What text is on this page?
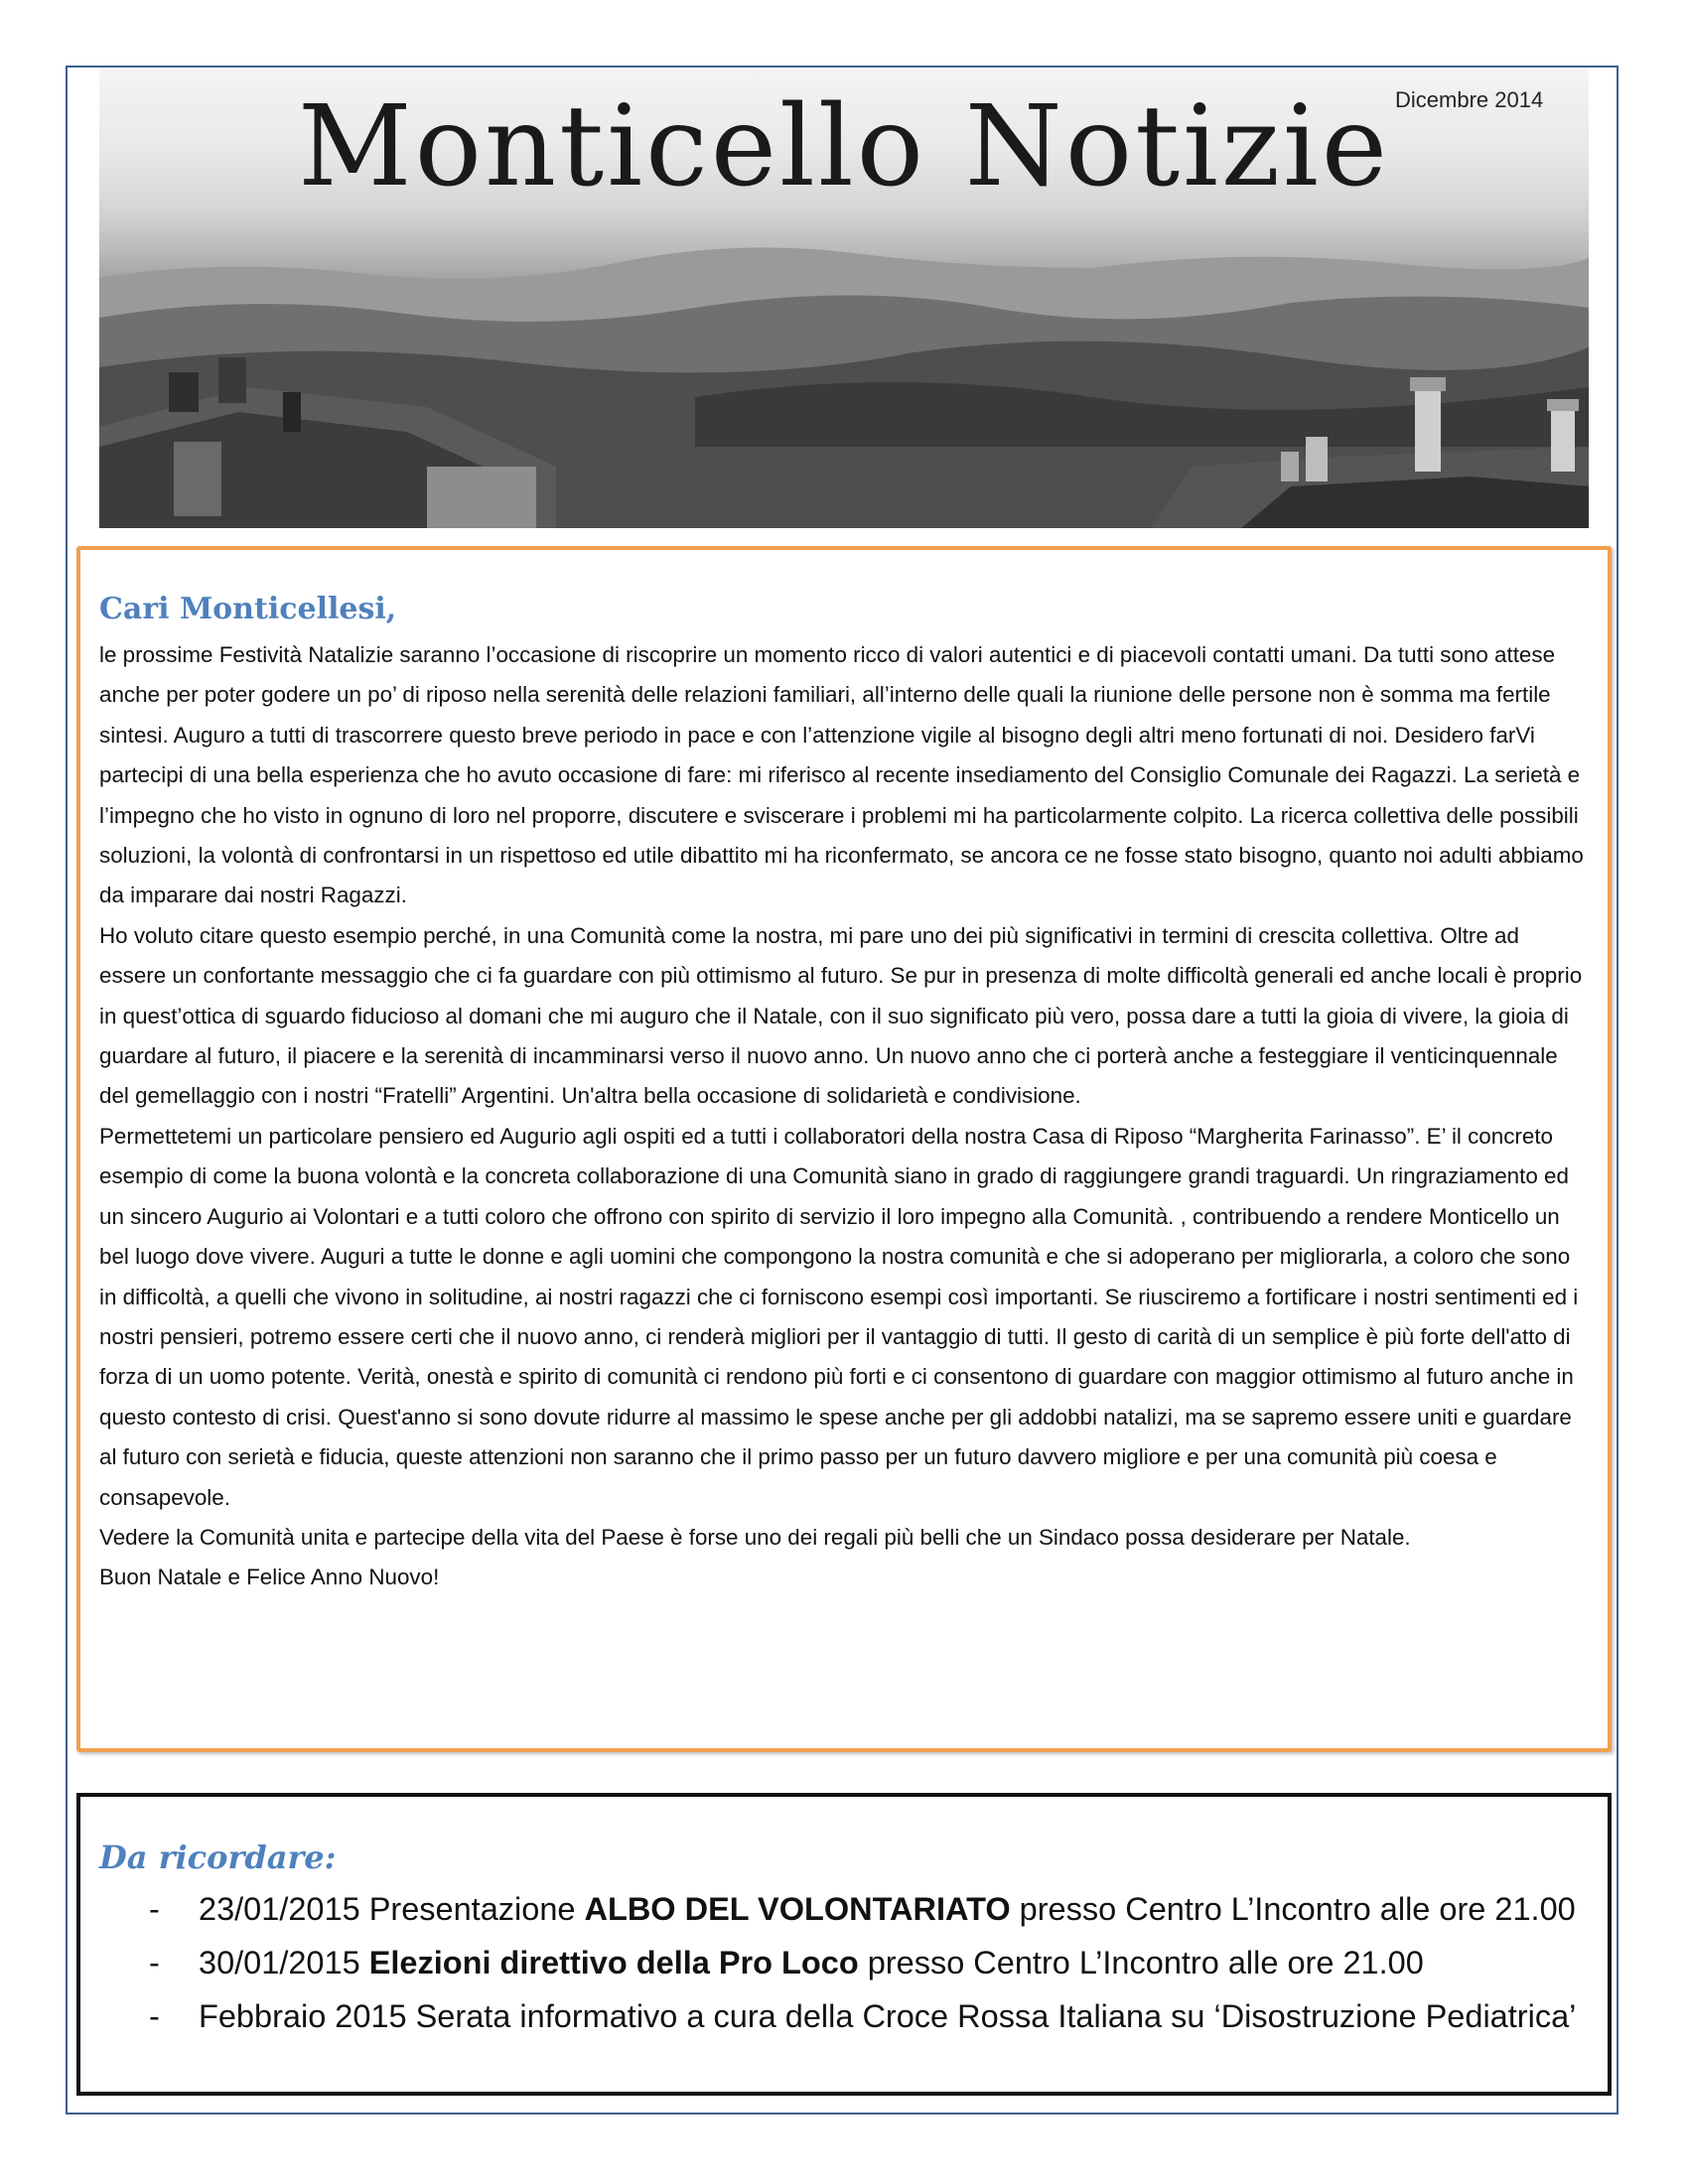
Monticello Notizie Dicembre 2014
Cari Monticellesi,

le prossime Festività Natalizie saranno l’occasione di riscoprire un momento ricco di valori autentici e di piacevoli contatti umani. Da tutti sono attese anche per poter godere un po’ di riposo nella serenità delle relazioni familiari, all’interno delle quali la riunione delle persone non è somma ma fertile sintesi. Auguro a tutti di trascorrere questo breve periodo in pace e con l’attenzione vigile al bisogno degli altri meno fortunati di noi. Desidero farVi partecipi di una bella esperienza che ho avuto occasione di fare: mi riferisco al recente insediamento del Consiglio Comunale dei Ragazzi. La serietà e l’impegno che ho visto in ognuno di loro nel proporre, discutere e sviscerare i problemi mi ha particolarmente colpito. La ricerca collettiva delle possibili soluzioni, la volontà di confrontarsi in un rispettoso ed utile dibattito mi ha riconfermato, se ancora ce ne fosse stato bisogno, quanto noi adulti abbiamo da imparare dai nostri Ragazzi.

Ho voluto citare questo esempio perché, in una Comunità come la nostra, mi pare uno dei più significativi in termini di crescita collettiva. Oltre ad essere un confortante messaggio che ci fa guardare con più ottimismo al futuro. Se pur in presenza di molte difficoltà generali ed anche locali è proprio in quest’ottica di sguardo fiducioso al domani che mi auguro che il Natale, con il suo significato più vero, possa dare a tutti la gioia di vivere, la gioia di guardare al futuro, il piacere e la serenità di incamminarsi verso il nuovo anno. Un nuovo anno che ci porterà anche a festeggiare il venticinquennale del gemellaggio con i nostri “Fratelli” Argentini. Un'altra bella occasione di solidarietà e condivisione.

Permettetemi un particolare pensiero ed Augurio agli ospiti ed a tutti i collaboratori della nostra Casa di Riposo “Margherita Farinasso”. E’ il concreto esempio di come la buona volontà e la concreta collaborazione di una Comunità siano in grado di raggiungere grandi traguardi. Un ringraziamento ed un sincero Augurio ai Volontari e a tutti coloro che offrono con spirito di servizio il loro impegno alla Comunità. , contribuendo a rendere Monticello un bel luogo dove vivere. Auguri a tutte le donne e agli uomini che compongono la nostra comunità e che si adoperano per migliorarla, a coloro che sono in difficoltà, a quelli che vivono in solitudine, ai nostri ragazzi che ci forniscono esempi così importanti. Se riusciremo a fortificare i nostri sentimenti ed i nostri pensieri, potremo essere certi che il nuovo anno, ci renderà migliori per il vantaggio di tutti. Il gesto di carità di un semplice è più forte dell'atto di forza di un uomo potente. Verità, onestà e spirito di comunità ci rendono più forti e ci consentono di guardare con maggior ottimismo al futuro anche in questo contesto di crisi. Quest'anno si sono dovute ridurre al massimo le spese anche per gli addobbi natalizi, ma se sapremo essere uniti e guardare al futuro con serietà e fiducia, queste attenzioni non saranno che il primo passo per un futuro davvero migliore e per una comunità più coesa e consapevole.

Vedere la Comunità unita e partecipe della vita del Paese è forse uno dei regali più belli che un Sindaco possa desiderare per Natale.

Buon Natale e Felice Anno Nuovo!

Da ricordare:
- 23/01/2015 Presentazione ALBO DEL VOLONTARIATO presso Centro L’Incontro alle ore 21.00
- 30/01/2015 Elezioni direttivo della Pro Loco presso Centro L’Incontro alle ore 21.00
- Febbraio 2015 Serata informativo a cura della Croce Rossa Italiana su ‘Disostruzione Pediatrica’
